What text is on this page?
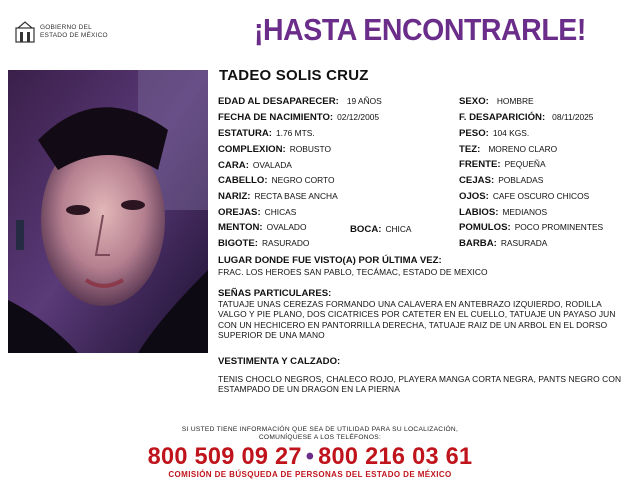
GOBIERNO DEL
ESTADO DE MÉXICO	¡HASTA ENCONTRARLE!
TADEO SOLIS CRUZ
EDAD AL DESAPARECER: 19 AÑOS
FECHA DE NACIMIENTO: 02/12/2005
ESTATURA: 1.76 MTS.
COMPLEXION: ROBUSTO
CARA: OVALADA
CABELLO: NEGRO CORTO
NARIZ: RECTA BASE ANCHA
OREJAS: CHICAS
MENTON: OVALADO
BIGOTE: RASURADO
BOCA: CHICA
SEXO: HOMBRE
F. DESAPARICIÓN: 08/11/2025
PESO: 104 KGS.
TEZ: MORENO CLARO
FRENTE: PEQUEÑA
CEJAS: POBLADAS
OJOS: CAFE OSCURO CHICOS
LABIOS: MEDIANOS
POMULOS: POCO PROMINENTES
BARBA: RASURADA
LUGAR DONDE FUE VISTO(A) POR ÚLTIMA VEZ:
FRAC. LOS HEROES SAN PABLO, TECÁMAC, ESTADO DE MEXICO
SEÑAS PARTICULARES:
TATUAJE UNAS CEREZAS FORMANDO UNA CALAVERA EN ANTEBRAZO IZQUIERDO, RODILLA VALGO Y PIE PLANO, DOS CICATRICES POR CATETER EN EL CUELLO, TATUAJE UN PAYASO JUN CON UN HECHICERO EN PANTORRILLA DERECHA, TATUAJE RAIZ DE UN ARBOL EN EL DORSO SUPERIOR DE UNA MANO
VESTIMENTA Y CALZADO:
TENIS CHOCLO NEGROS, CHALECO ROJO, PLAYERA MANGA CORTA NEGRA, PANTS NEGRO CON ESTAMPADO DE UN DRAGON EN LA PIERNA
SI USTED TIENE INFORMACIÓN QUE SEA DE UTILIDAD PARA SU LOCALIZACIÓN,
COMUNÍQUESE A LOS TELÉFONOS:
800 509 09 27 • 800 216 03 61
COMISIÓN DE BÚSQUEDA DE PERSONAS DEL ESTADO DE MÉXICO
